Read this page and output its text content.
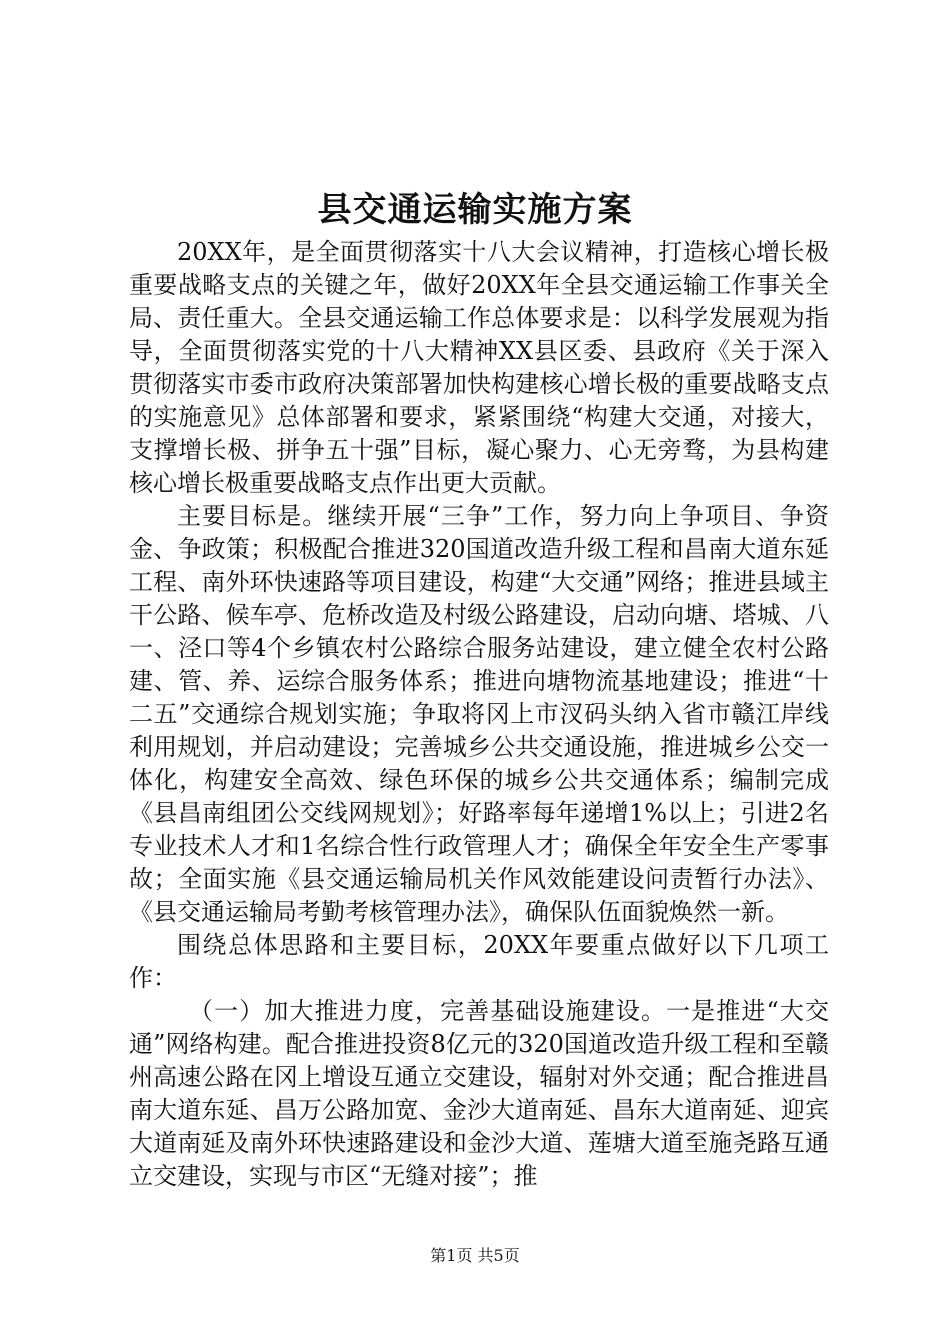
县交通运输实施方案

20XX年，是全面贯彻落实十八大会议精神，打造核心增长极重要战略支点的关键之年，做好20XX年全县交通运输工作事关全局、责任重大。全县交通运输工作总体要求是：以科学发展观为指导，全面贯彻落实党的十八大精神XX县区委、县政府《关于深入贯彻落实市委市政府决策部署加快构建核心增长极的重要战略支点的实施意见》总体部署和要求，紧紧围绕“构建大交通，对接大，支撑增长极、拼争五十强”目标，凝心聚力、心无旁骛，为县构建核心增长极重要战略支点作出更大贡献。

主要目标是。继续开展“三争”工作，努力向上争项目、争资金、争政策；积极配合推进320国道改造升级工程和昌南大道东延工程、南外环快速路等项目建设，构建“大交通”网络；推进县域主干公路、候车亭、危桥改造及村级公路建设，启动向塘、塔城、八一、泾口等4个乡镇农村公路综合服务站建设，建立健全农村公路建、管、养、运综合服务体系；推进向塘物流基地建设；推进“十二五”交通综合规划实施；争取将冈上市汊码头纳入省市赣江岸线利用规划，并启动建设；完善城乡公共交通设施，推进城乡公交一体化，构建安全高效、绿色环保的城乡公共交通体系；编制完成《县昌南组团公交线网规划》；好路率每年递增1%以上；引进2名专业技术人才和1名综合性行政管理人才；确保全年安全生产零事故；全面实施《县交通运输局机关作风效能建设问责暂行办法》、《县交通运输局考勤考核管理办法》，确保队伍面貌焕然一新。

围绕总体思路和主要目标，20XX年要重点做好以下几项工作：

（一）加大推进力度，完善基础设施建设。一是推进“大交通”网络构建。配合推进投资8亿元的320国道改造升级工程和至赣州高速公路在冈上增设互通立交建设，辐射对外交通；配合推进昌南大道东延、昌万公路加宽、金沙大道南延、昌东大道南延、迎宾大道南延及南外环快速路建设和金沙大道、莲塘大道至施尧路互通立交建设，实现与市区“无缝对接”；推

第1页 共5页
